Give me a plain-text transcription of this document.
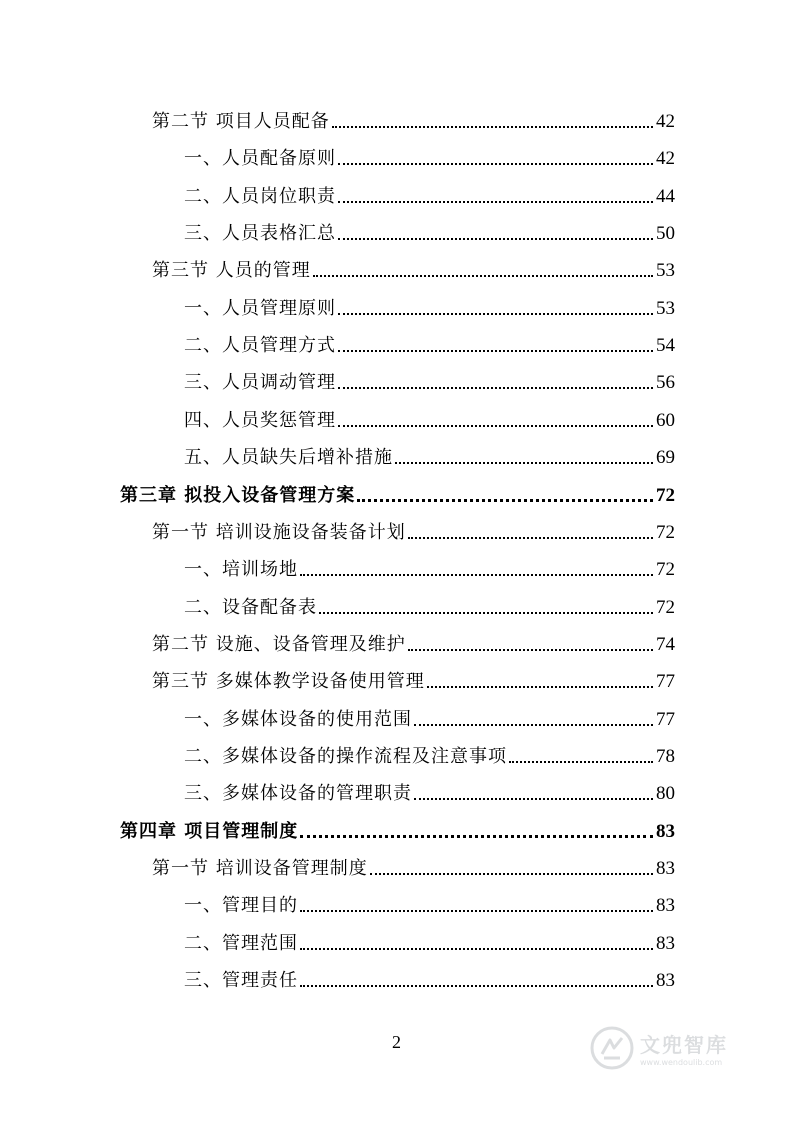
第二节 项目人员配备	42
一、人员配备原则	42
二、人员岗位职责	44
三、人员表格汇总	50
第三节 人员的管理	53
一、人员管理原则	53
二、人员管理方式	54
三、人员调动管理	56
四、人员奖惩管理	60
五、人员缺失后增补措施	69
第三章 拟投入设备管理方案	72
第一节 培训设施设备装备计划	72
一、培训场地	72
二、设备配备表	72
第二节 设施、设备管理及维护	74
第三节 多媒体教学设备使用管理	77
一、多媒体设备的使用范围	77
二、多媒体设备的操作流程及注意事项	78
三、多媒体设备的管理职责	80
第四章 项目管理制度	83
第一节 培训设备管理制度	83
一、管理目的	83
二、管理范围	83
三、管理责任	83
2	文兜智库
www.wendoulib.com
